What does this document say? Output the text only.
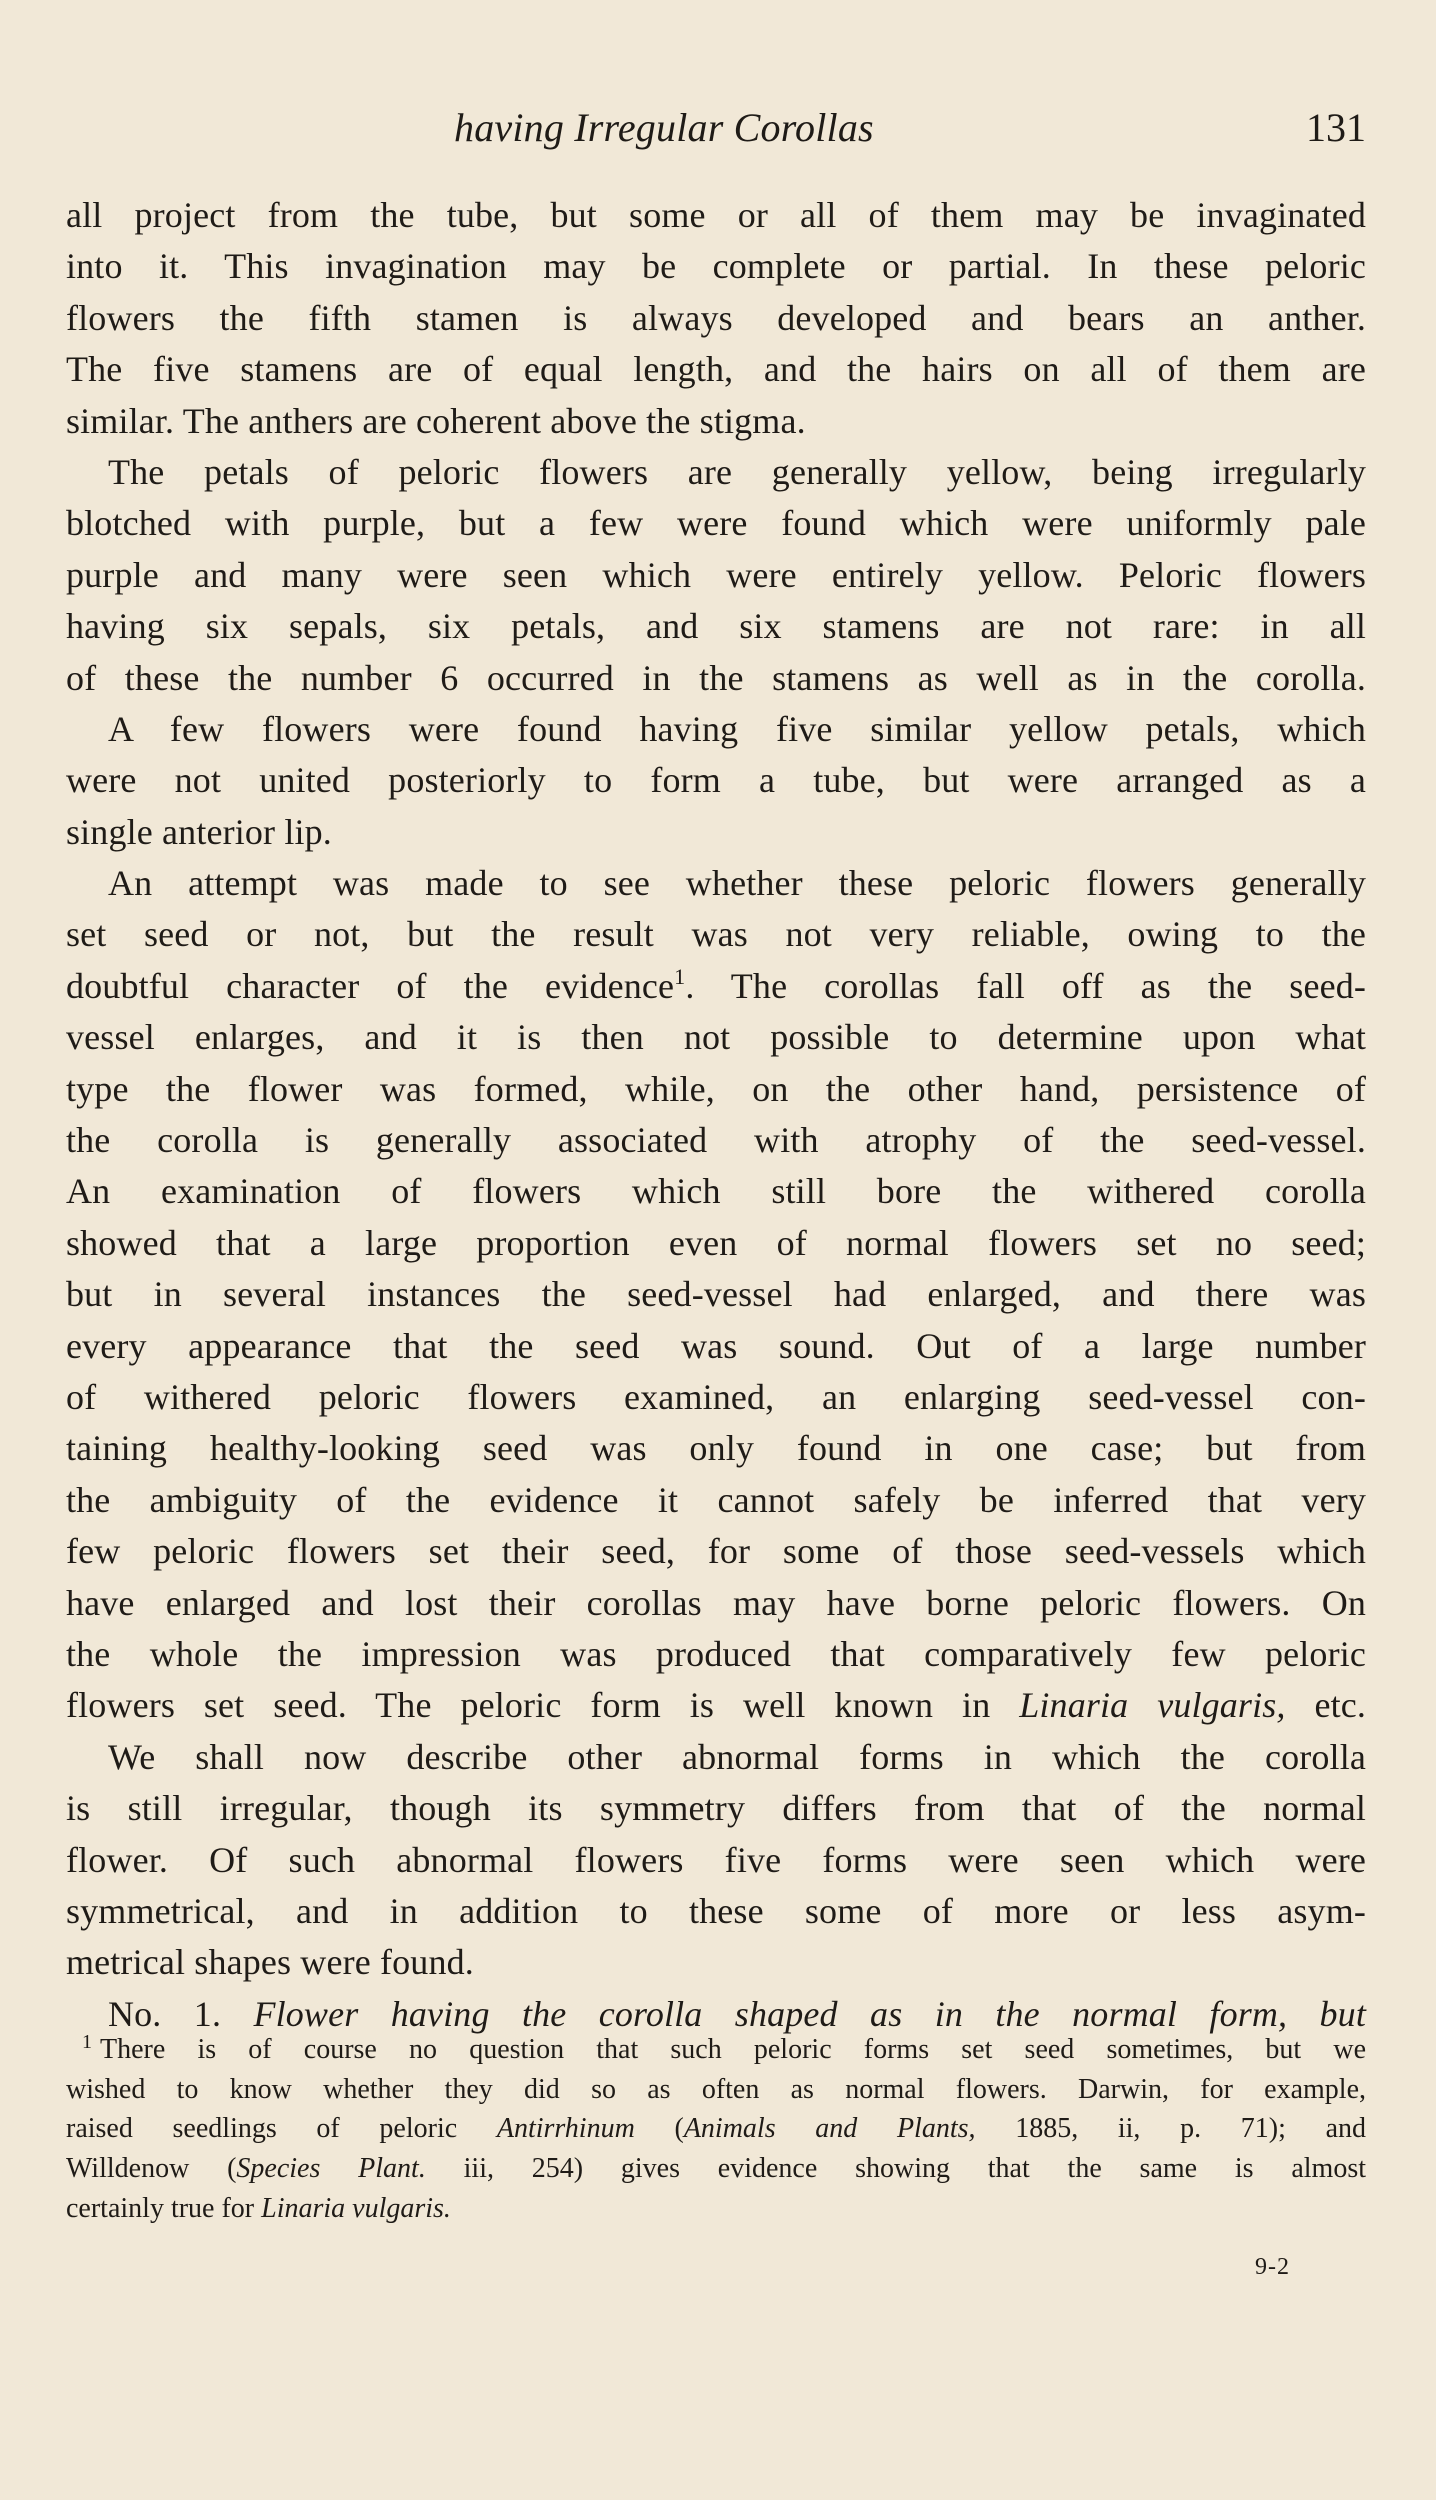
having Irregular Corollas	131
all project from the tube, but some or all of them may be invaginated
into it. This invagination may be complete or partial. In these peloric
flowers the fifth stamen is always developed and bears an anther.
The five stamens are of equal length, and the hairs on all of them are
similar. The anthers are coherent above the stigma.
The petals of peloric flowers are generally yellow, being irregularly
blotched with purple, but a few were found which were uniformly pale
purple and many were seen which were entirely yellow. Peloric flowers
having six sepals, six petals, and six stamens are not rare: in all
of these the number 6 occurred in the stamens as well as in the corolla.
A few flowers were found having five similar yellow petals, which
were not united posteriorly to form a tube, but were arranged as a
single anterior lip.
An attempt was made to see whether these peloric flowers generally
set seed or not, but the result was not very reliable, owing to the
doubtful character of the evidence$^1$. The corollas fall off as the seed-
vessel enlarges, and it is then not possible to determine upon what
type the flower was formed, while, on the other hand, persistence of
the corolla is generally associated with atrophy of the seed-vessel.
An examination of flowers which still bore the withered corolla
showed that a large proportion even of normal flowers set no seed;
but in several instances the seed-vessel had enlarged, and there was
every appearance that the seed was sound. Out of a large number
of withered peloric flowers examined, an enlarging seed-vessel con-
taining healthy-looking seed was only found in one case; but from
the ambiguity of the evidence it cannot safely be inferred that very
few peloric flowers set their seed, for some of those seed-vessels which
have enlarged and lost their corollas may have borne peloric flowers. On
the whole the impression was produced that comparatively few peloric
flowers set seed. The peloric form is well known in Linaria vulgaris, etc.
We shall now describe other abnormal forms in which the corolla
is still irregular, though its symmetry differs from that of the normal
flower. Of such abnormal flowers five forms were seen which were
symmetrical, and in addition to these some of more or less asym-
metrical shapes were found.
No. 1. Flower having the corolla shaped as in the normal form, but
$^1$ There is of course no question that such peloric forms set seed sometimes, but we
wished to know whether they did so as often as normal flowers. Darwin, for example,
raised seedlings of peloric Antirrhinum (Animals and Plants, 1885, ii, p. 71); and
Willdenow (Species Plant. iii, 254) gives evidence showing that the same is almost
certainly true for Linaria vulgaris.
9-2
